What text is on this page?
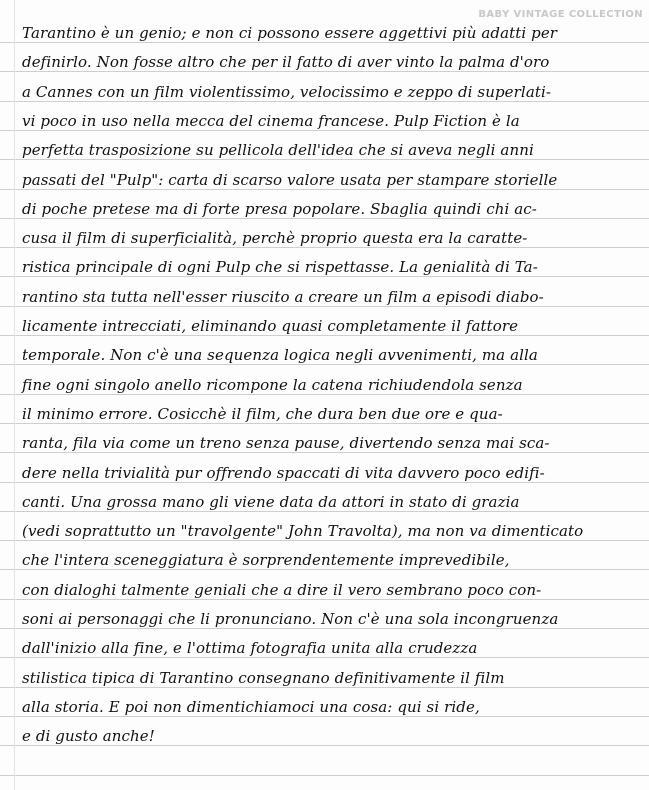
BABY VINTAGE COLLECTION
Tarantino è un genio; e non ci possono essere aggettivi più adatti per
definirlo. Non fosse altro che per il fatto di aver vinto la palma d'oro
a Cannes con un film violentissimo, velocissimo e zeppo di superlati-
vi poco in uso nella mecca del cinema francese. Pulp Fiction è la
perfetta trasposizione su pellicola dell'idea che si aveva negli anni
passati del "Pulp": carta di scarso valore usata per stampare storielle
di poche pretese ma di forte presa popolare. Sbaglia quindi chi ac-
cusa il film di superficialità, perchè proprio questa era la caratte-
ristica principale di ogni Pulp che si rispettasse. La genialità di Ta-
rantino sta tutta nell'esser riuscito a creare un film a episodi diabo-
licamente intrecciati, eliminando quasi completamente il fattore
temporale. Non c'è una sequenza logica negli avvenimenti, ma alla
fine ogni singolo anello ricompone la catena richiudendola senza
il minimo errore. Cosicchè il film, che dura ben due ore e qua-
ranta, fila via come un treno senza pause, divertendo senza mai sca-
dere nella trivialità pur offrendo spaccati di vita davvero poco edifi-
canti. Una grossa mano gli viene data da attori in stato di grazia
(vedi soprattutto un "travolgente" John Travolta), ma non va dimenticato
che l'intera sceneggiatura è sorprendentemente imprevedibile,
con dialoghi talmente geniali che a dire il vero sembrano poco con-
soni ai personaggi che li pronunciano. Non c'è una sola incongruenza
dall'inizio alla fine, e l'ottima fotografia unita alla crudezza
stilistica tipica di Tarantino consegnano definitivamente il film
alla storia. E poi non dimentichiamoci una cosa: qui si ride,
e di gusto anche!
